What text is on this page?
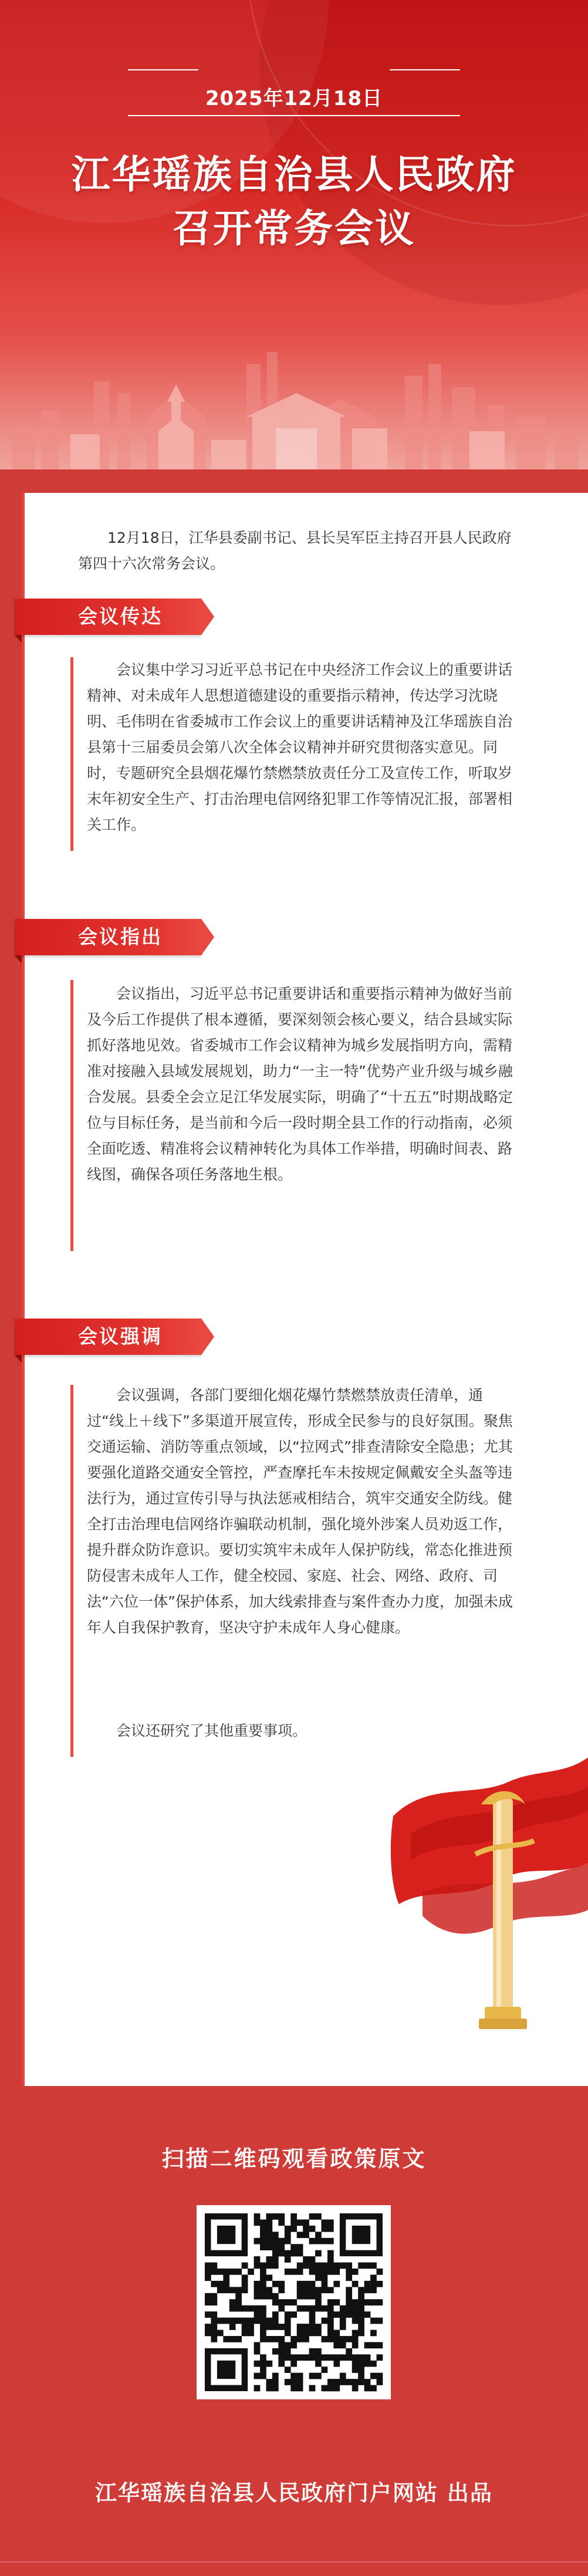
2025年12月18日
江华瑶族自治县人民政府
召开常务会议

12月18日，江华县委副书记、县长吴军臣主持召开县人民政府第四十六次常务会议。

会议传达

会议集中学习习近平总书记在中央经济工作会议上的重要讲话精神、对未成年人思想道德建设的重要指示精神，传达学习沈晓明、毛伟明在省委城市工作会议上的重要讲话精神及江华瑶族自治县第十三届委员会第八次全体会议精神并研究贯彻落实意见。同时，专题研究全县烟花爆竹禁燃禁放责任分工及宣传工作，听取岁末年初安全生产、打击治理电信网络犯罪工作等情况汇报，部署相关工作。

会议指出

会议指出，习近平总书记重要讲话和重要指示精神为做好当前及今后工作提供了根本遵循，要深刻领会核心要义，结合县域实际抓好落地见效。省委城市工作会议精神为城乡发展指明方向，需精准对接融入县域发展规划，助力“一主一特”优势产业升级与城乡融合发展。县委全会立足江华发展实际，明确了“十五五”时期战略定位与目标任务，是当前和今后一段时期全县工作的行动指南，必须全面吃透、精准将会议精神转化为具体工作举措，明确时间表、路线图，确保各项任务落地生根。

会议强调

会议强调，各部门要细化烟花爆竹禁燃禁放责任清单，通过“线上＋线下”多渠道开展宣传，形成全民参与的良好氛围。聚焦交通运输、消防等重点领域，以“拉网式”排查清除安全隐患；尤其要强化道路交通安全管控，严查摩托车未按规定佩戴安全头盔等违法行为，通过宣传引导与执法惩戒相结合，筑牢交通安全防线。健全打击治理电信网络诈骗联动机制，强化境外涉案人员劝返工作，提升群众防诈意识。要切实筑牢未成年人保护防线，常态化推进预防侵害未成年人工作，健全校园、家庭、社会、网络、政府、司法“六位一体”保护体系，加大线索排查与案件查办力度，加强未成年人自我保护教育，坚决守护未成年人身心健康。

会议还研究了其他重要事项。

扫描二维码观看政策原文
江华瑶族自治县人民政府门户网站 出品
